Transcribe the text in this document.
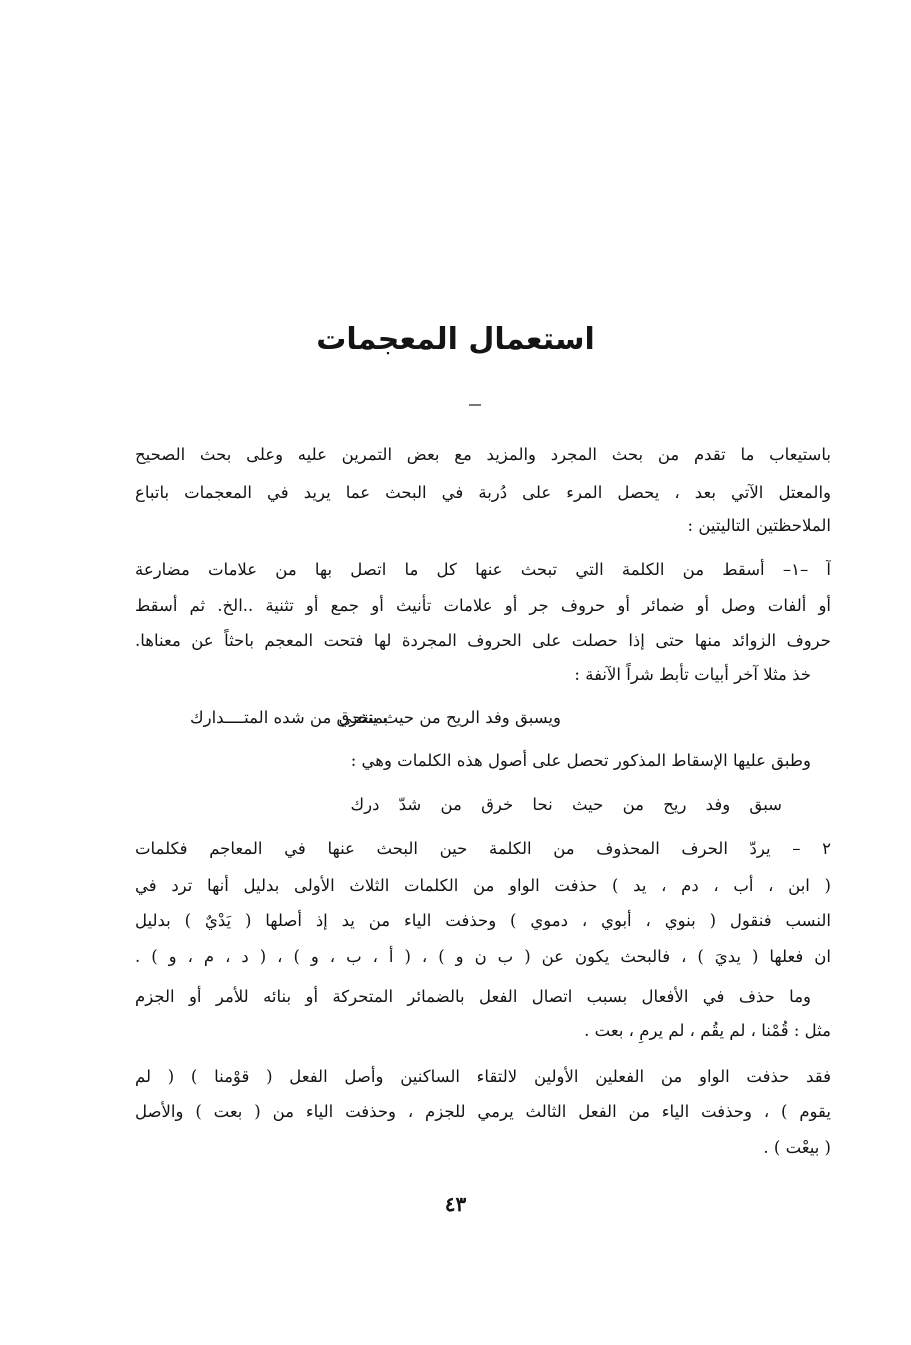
استعمال المعجمات
باستيعاب ما تقدم من بحث المجرد والمزيد مع بعض التمرين عليه وعلى بحث الصحيح
والمعتل الآتي بعد ، يحصل المرء على دُربة في البحث عما يريد في المعجمات باتباع
الملاحظتين التاليتين :
آ –١– أسقط من الكلمة التي تبحث عنها كل ما اتصل بها من علامات مضارعة
أو ألفات وصل أو ضمائر أو حروف جر أو علامات تأنيث أو جمع أو تثنية ..الخ. ثم أسقط
حروف الزوائد منها حتى إذا حصلت على الحروف المجردة لها فتحت المعجم باحثاً عن معناها.
خذ مثلا آخر أبيات تأبط شراً الآنفة :
ويسبق وفد الريح من حيث ينتحي
بمنخرق من شده المتــــدارك
وطبق عليها الإسقاط المذكور تحصل على أصول هذه الكلمات وهي :
سبق وفد ريح من حيث نحا خرق من شدّ درك
٢ – يردّ الحرف المحذوف من الكلمة حين البحث عنها في المعاجم فكلمات
( ابن ، أب ، دم ، يد ) حذفت الواو من الكلمات الثلاث الأولى بدليل أنها ترد في
النسب فنقول ( بنوي ، أبوي ، دموي ) وحذفت الياء من يد إذ أصلها ( يَدْيٌ ) بدليل
ان فعلها ( يديَ ) ، فالبحث يكون عن ( ب ن و ) ، ( أ ، ب ، و ) ، ( د ، م ، و ) .
وما حذف في الأفعال بسبب اتصال الفعل بالضمائر المتحركة أو بنائه للأمر أو الجزم
مثل : قُمْنا ، لم يقُم ، لم يرمِ ، بعت .
فقد حذفت الواو من الفعلين الأولين لالتقاء الساكنين وأصل الفعل ( قوْمنا ) ( لم
يقوم ) ، وحذفت الياء من الفعل الثالث يرمي للجزم ، وحذفت الياء من ( بعت ) والأصل
( بيعْت ) .
٤٣
